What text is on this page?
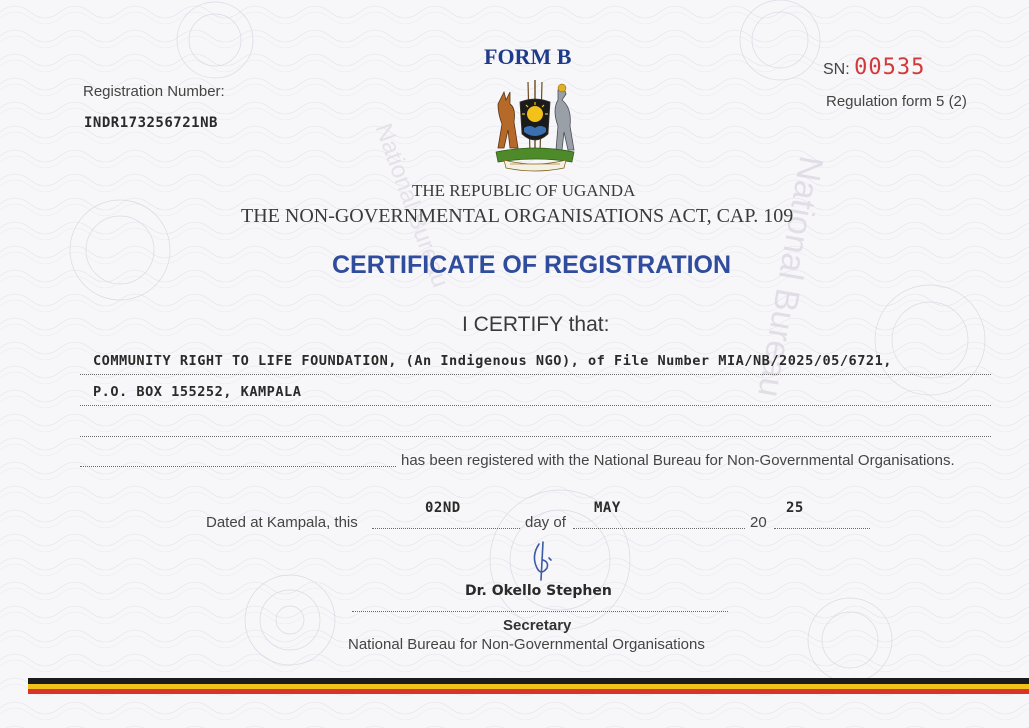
National Bureau
National Bureau
FORM B
SN: 00535
Registration Number:
INDR173256721NB
Regulation form 5 (2)
THE REPUBLIC OF UGANDA
THE NON-GOVERNMENTAL ORGANISATIONS ACT, CAP. 109
CERTIFICATE OF REGISTRATION
I CERTIFY that:
COMMUNITY RIGHT TO LIFE FOUNDATION, (An Indigenous NGO), of File Number MIA/NB/2025/05/6721,
P.O. BOX 155252, KAMPALA
has been registered with the National Bureau for Non-Governmental Organisations.
Dated at Kampala, this
02ND
day of
MAY
20
25
Dr. Okello Stephen
Secretary
National Bureau for Non-Governmental Organisations
